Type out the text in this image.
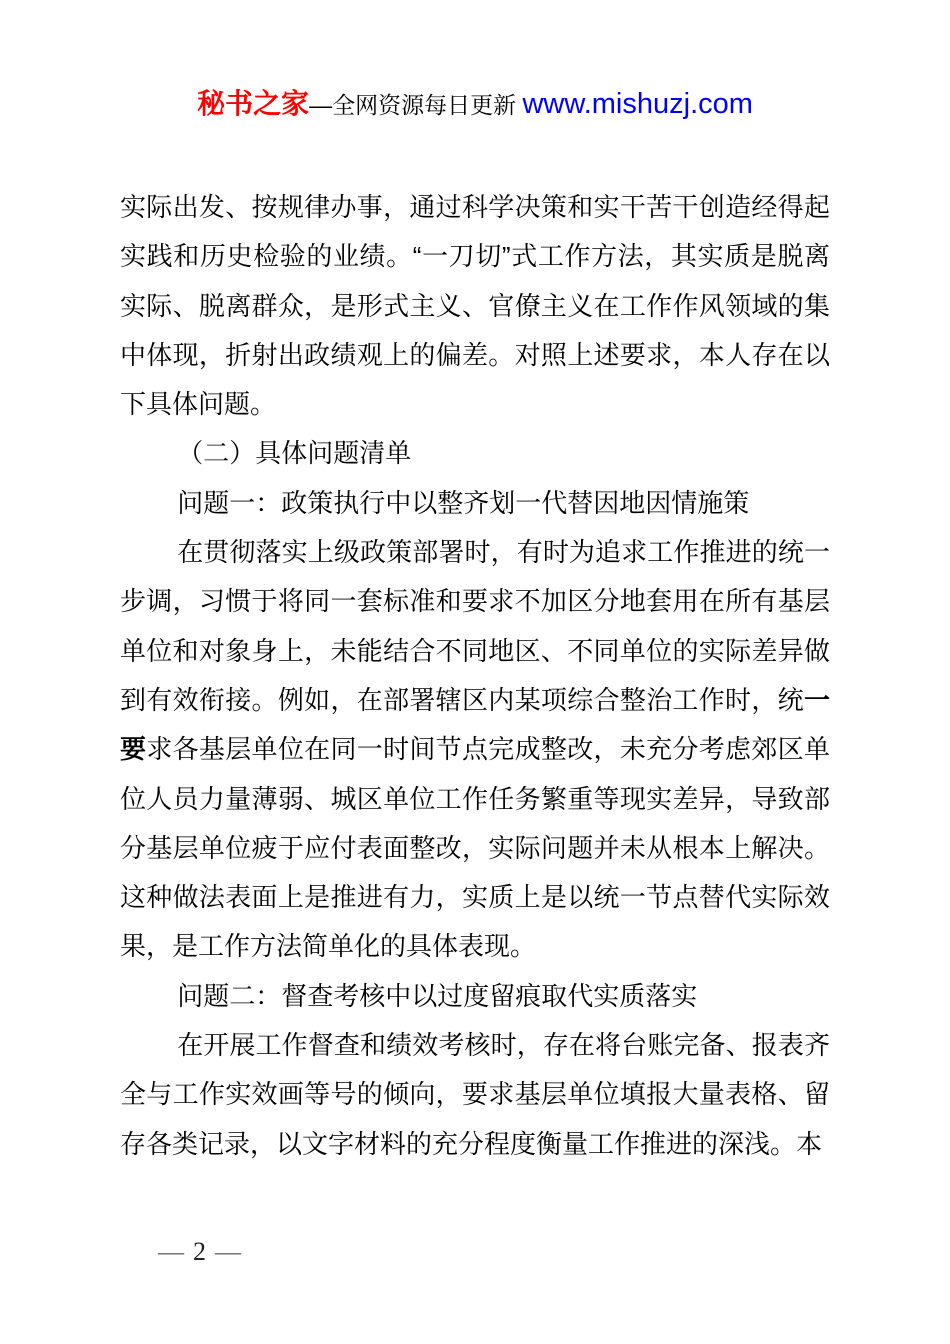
秘书之家—全网资源每日更新 www.mishuzj.com

实际出发、按规律办事，通过科学决策和实干苦干创造经得起实践和历史检验的业绩。“一刀切”式工作方法，其实质是脱离实际、脱离群众，是形式主义、官僚主义在工作作风领域的集中体现，折射出政绩观上的偏差。对照上述要求，本人存在以下具体问题。

（二）具体问题清单

问题一：政策执行中以整齐划一代替因地因情施策

在贯彻落实上级政策部署时，有时为追求工作推进的统一步调，习惯于将同一套标准和要求不加区分地套用在所有基层单位和对象身上，未能结合不同地区、不同单位的实际差异做到有效衔接。例如，在部署辖区内某项综合整治工作时，统一要求各基层单位在同一时间节点完成整改，未充分考虑郊区单位人员力量薄弱、城区单位工作任务繁重等现实差异，导致部分基层单位疲于应付表面整改，实际问题并未从根本上解决。这种做法表面上是推进有力，实质上是以统一节点替代实际效果，是工作方法简单化的具体表现。

问题二：督查考核中以过度留痕取代实质落实

在开展工作督查和绩效考核时，存在将台账完备、报表齐全与工作实效画等号的倾向，要求基层单位填报大量表格、留存各类记录，以文字材料的充分程度衡量工作推进的深浅。本

— 2 —
